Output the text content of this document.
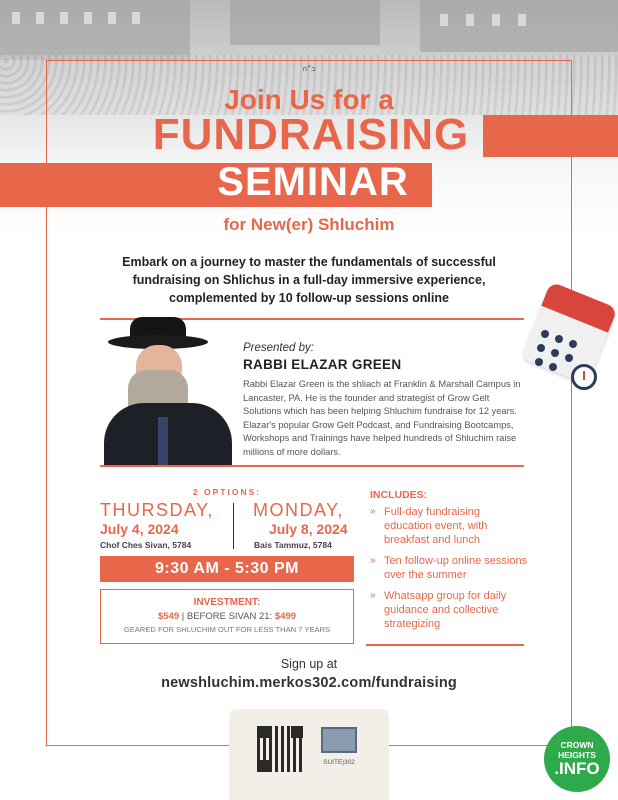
ב״ה
Join Us for a
FUNDRAISING
SEMINAR
for New(er) Shluchim

Embark on a journey to master the fundamentals of successful fundraising on Shlichus in a full-day immersive experience, complemented by 10 follow-up sessions online

Presented by:
RABBI ELAZAR GREEN

Rabbi Elazar Green is the shliach at Franklin & Marshall Campus in Lancaster, PA. He is the founder and strategist of Grow Gelt Solutions which has been helping Shluchim fundraise for 12 years. Elazar's popular Grow Gelt Podcast, and Fundraising Bootcamps, Workshops and Trainings have helped hundreds of Shluchim raise millions of more dollars.

2 OPTIONS:
THURSDAY,
July 4, 2024
Chof Ches Sivan, 5784
MONDAY,
July 8, 2024
Bais Tammuz, 5784
9:30 AM - 5:30 PM
INVESTMENT:
$549 | BEFORE SIVAN 21: $499
GEARED FOR SHLUCHIM OUT FOR LESS THAN 7 YEARS
INCLUDES:
» Full-day fundraising education event, with breakfast and lunch
» Ten follow-up online sessions over the summer
» Whatsapp group for daily guidance and collective strategizing
Sign up at
newshluchim.merkos302.com/fundraising
SUITE|302
CROWN
HEIGHTS
.INFO
